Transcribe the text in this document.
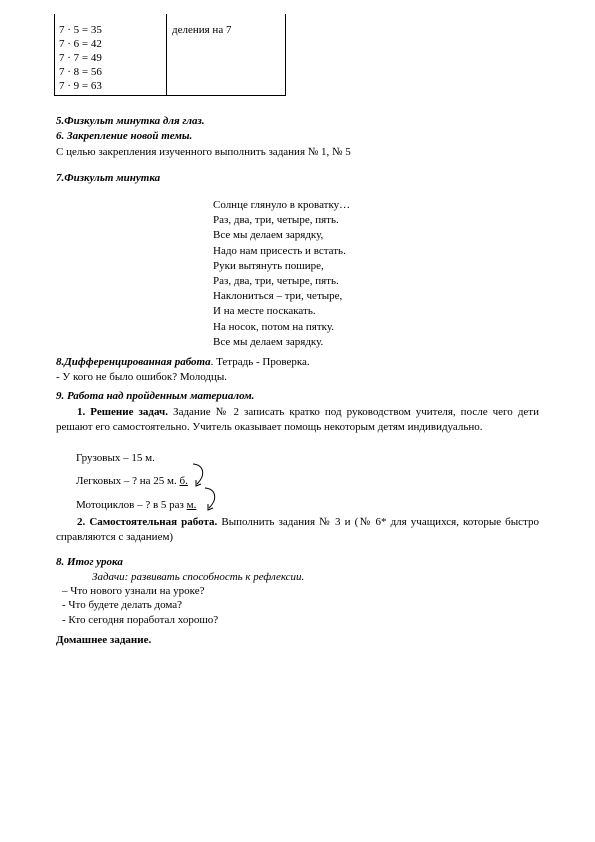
7 · 5 = 35
7 · 6 = 42
7 · 7 = 49
7 · 8 = 56
7 · 9 = 63
деления на 7
5.Физкульт минутка для глаз.
6. Закрепление новой темы.
С целью закрепления изученного выполнить задания № 1, № 5
7.Физкульт минутка
Солнце глянуло в кроватку…
Раз, два, три, четыре, пять.
Все мы делаем зарядку,
Надо нам присесть и встать.
Руки вытянуть пошире,
Раз, два, три, четыре, пять.
Наклониться – три, четыре,
И на месте поскакать.
На носок, потом на пятку.
Все мы делаем зарядку.
8.Дифференцированная работа. Тетрадь - Проверка.
- У кого не было ошибок? Молодцы.
9. Работа над пройденным материалом.
1. Решение задач. Задание № 2 записать кратко под руководством учителя, после чего дети решают его самостоятельно. Учитель оказывает помощь некоторым детям индивидуально.
Грузовых – 15 м.
Легковых – ? на 25 м. б.
Мотоциклов – ? в 5 раз м.
2. Самостоятельная работа. Выполнить задания № 3 и (№ 6* для учащихся, которые быстро справляются с заданием)
8. Итог урока
Задачи: развивать способность к рефлексии.
– Что нового узнали на уроке?
- Что будете делать дома?
- Кто сегодня поработал хорошо?
Домашнее задание.
